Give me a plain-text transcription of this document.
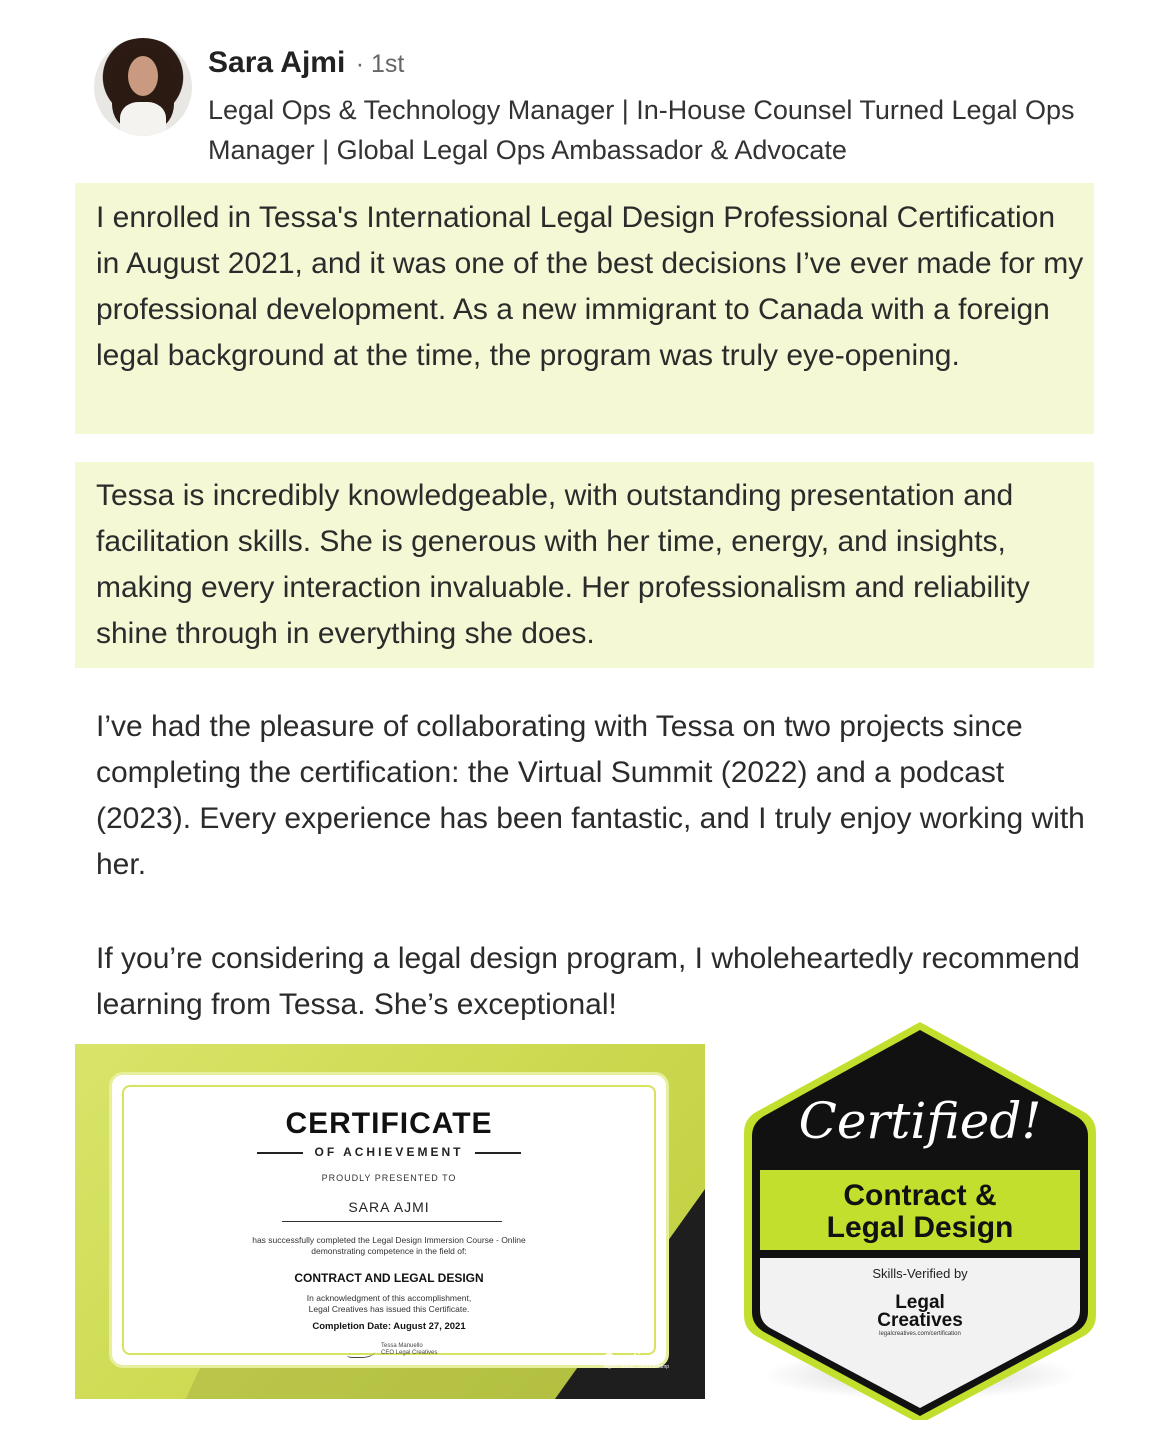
Sara Ajmi · 1st
Legal Ops & Technology Manager | In-House Counsel Turned Legal Ops Manager | Global Legal Ops Ambassador & Advocate
I enrolled in Tessa's International Legal Design Professional Certification in August 2021, and it was one of the best decisions I’ve ever made for my professional development. As a new immigrant to Canada with a foreign legal background at the time, the program was truly eye-opening.
Tessa is incredibly knowledgeable, with outstanding presentation and facilitation skills. She is generous with her time, energy, and insights, making every interaction invaluable. Her professionalism and reliability shine through in everything she does.
I’ve had the pleasure of collaborating with Tessa on two projects since completing the certification: the Virtual Summit (2022) and a podcast (2023). Every experience has been fantastic, and I truly enjoy working with her.
If you’re considering a legal design program, I wholeheartedly recommend learning from Tessa. She’s exceptional!
CERTIFICATE
OF ACHIEVEMENT
PROUDLY PRESENTED TO
SARA AJMI
has successfully completed the Legal Design Immersion Course - Online
demonstrating competence in the field of:
CONTRACT AND LEGAL DESIGN
In acknowledgment of this accomplishment,
Legal Creatives has issued this Certificate.
Completion Date: August 27, 2021
Tessa Manuello
CEO Legal Creatives	Legal
Creatives
legalcreatives.com/bootcamp
Certified!
Contract &
Legal Design
Skills-Verified by
Legal
Creatives
legalcreatives.com/certification
